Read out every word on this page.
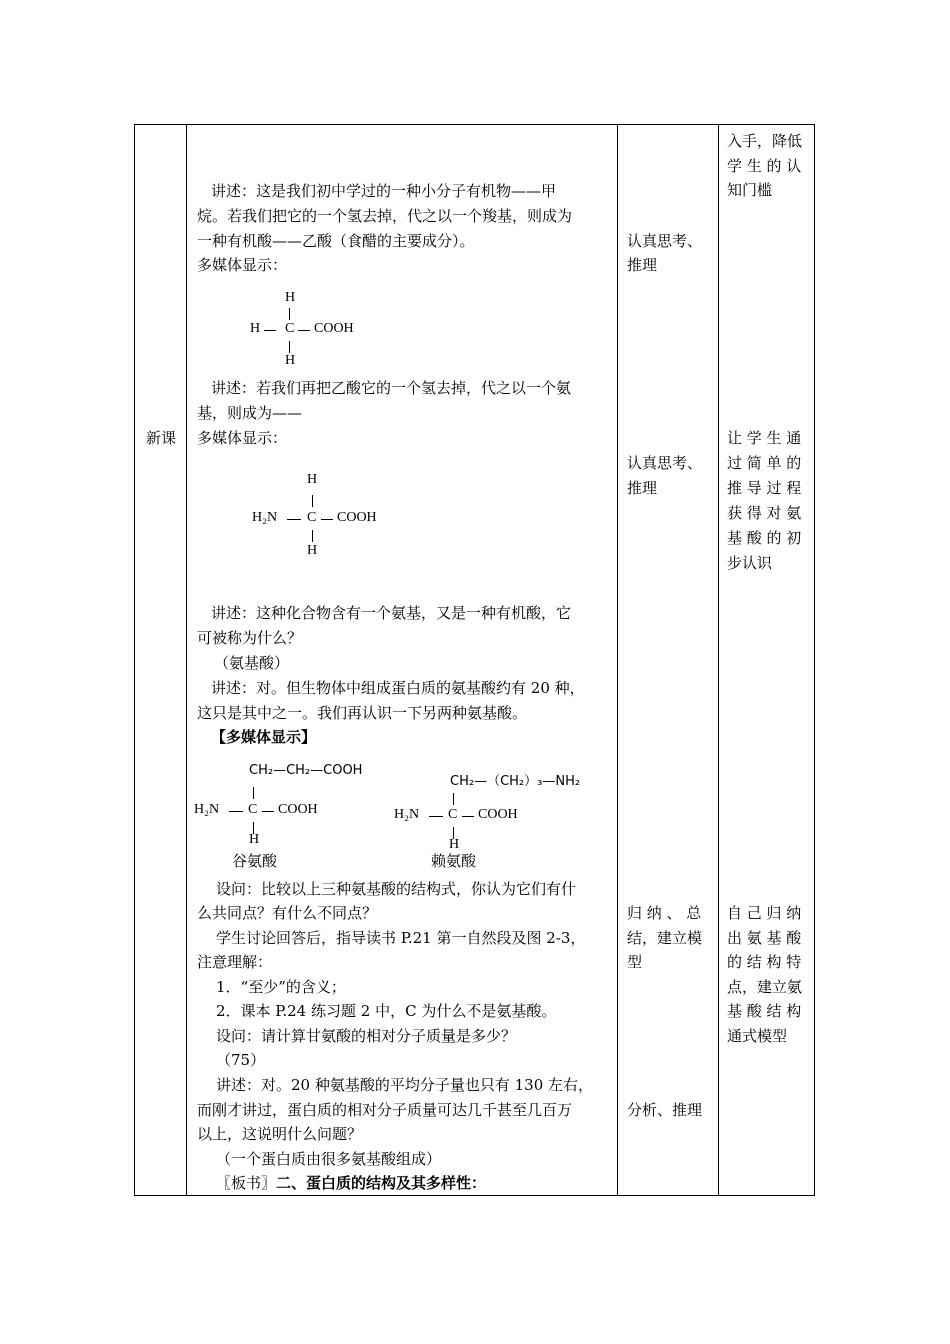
新课
讲述：这是我们初中学过的一种小分子有机物——甲
烷。若我们把它的一个氢去掉，代之以一个羧基，则成为
一种有机酸——乙酸（食醋的主要成分）。
多媒体显示：
H
H C COOH
H
讲述：若我们再把乙酸它的一个氢去掉，代之以一个氨
基，则成为——
多媒体显示：
H
H₂N C COOH
H
讲述：这种化合物含有一个氨基，又是一种有机酸，它
可被称为什么？
（氨基酸）
讲述：对。但生物体中组成蛋白质的氨基酸约有 20 种，
这只是其中之一。我们再认识一下另两种氨基酸。
【多媒体显示】
CH₂—CH₂—COOH
H₂N C COOH
H
谷氨酸
CH₂—（CH₂）₃—NH₂
H₂N C COOH
H
赖氨酸
设问：比较以上三种氨基酸的结构式，你认为它们有什
么共同点？有什么不同点？
学生讨论回答后，指导读书 P.21 第一自然段及图 2-3，
注意理解：
1．“至少”的含义；
2．课本 P.24 练习题 2 中，C 为什么不是氨基酸。
设问：请计算甘氨酸的相对分子质量是多少？
（75）
讲述：对。20 种氨基酸的平均分子量也只有 130 左右，
而刚才讲过，蛋白质的相对分子质量可达几千甚至几百万
以上，这说明什么问题？
（一个蛋白质由很多氨基酸组成）
〖板书〗二、蛋白质的结构及其多样性：
认真思考、
推理
认真思考、
推理
归 纳 、 总
结，建立模
型
分析、推理
入手，降低
学 生 的 认
知门槛
让 学 生 通
过 简 单 的
推 导 过 程
获 得 对 氨
基 酸 的 初
步认识
自 己 归 纳
出 氨 基 酸
的 结 构 特
点，建立氨
基 酸 结 构
通式模型
